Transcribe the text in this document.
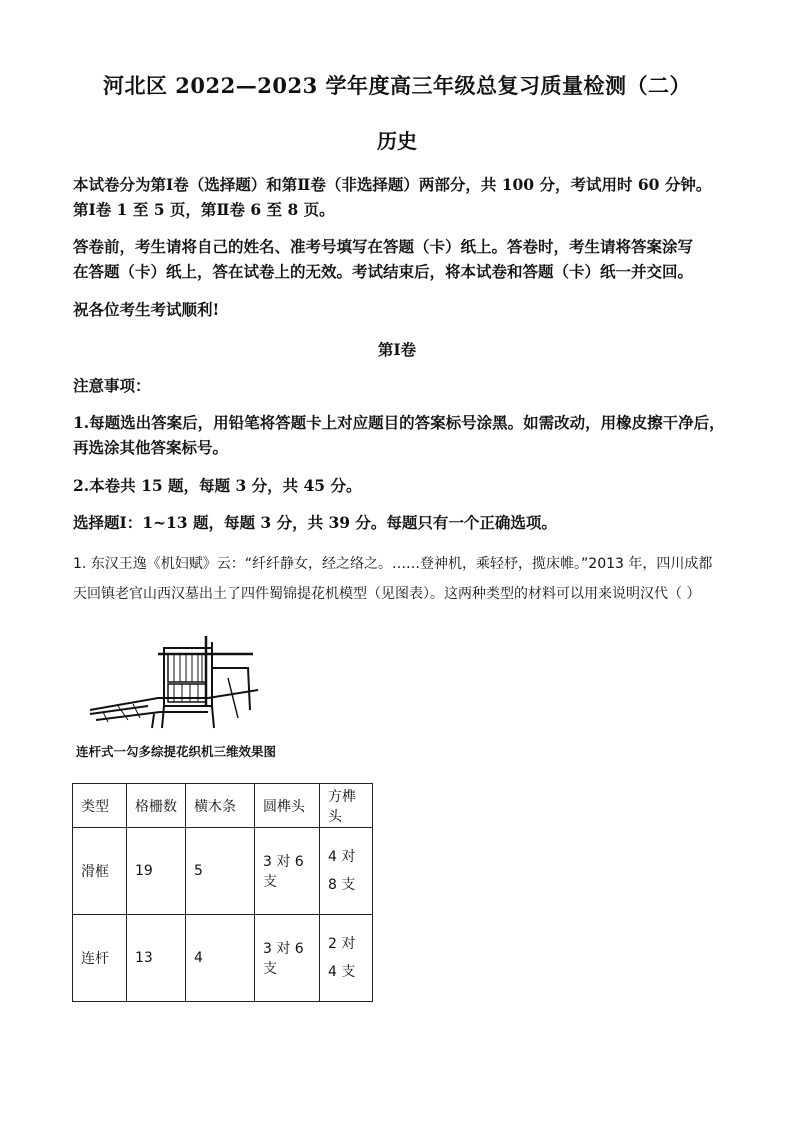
河北区 2022—2023 学年度高三年级总复习质量检测（二）
历史
本试卷分为第Ⅰ卷（选择题）和第Ⅱ卷（非选择题）两部分，共 100 分，考试用时 60 分钟。
第Ⅰ卷 1 至 5 页，第Ⅱ卷 6 至 8 页。
答卷前，考生请将自己的姓名、准考号填写在答题（卡）纸上。答卷时，考生请将答案涂写
在答题（卡）纸上，答在试卷上的无效。考试结束后，将本试卷和答题（卡）纸一并交回。
祝各位考生考试顺利!
第Ⅰ卷
注意事项：
1.每题选出答案后，用铅笔将答题卡上对应题目的答案标号涂黑。如需改动，用橡皮擦干净后，
再选涂其他答案标号。
2.本卷共 15 题，每题 3 分，共 45 分。
选择题Ⅰ：1~13 题，每题 3 分，共 39 分。每题只有一个正确选项。
1. 东汉王逸《机妇赋》云：“纤纤静女，经之络之。……登神机，乘轻杼，揽床帷。”2013 年，四川成都
天回镇老官山西汉墓出土了四件蜀锦提花机模型（见图表）。这两种类型的材料可以用来说明汉代（ ）
连杆式一勾多综提花织机三维效果图
类型	格栅数	横木条	圆榫头	方榫头
滑框	19	5	3 对 6 支	4 对 8 支
连杆	13	4	3 对 6 支	2 对 4 支
